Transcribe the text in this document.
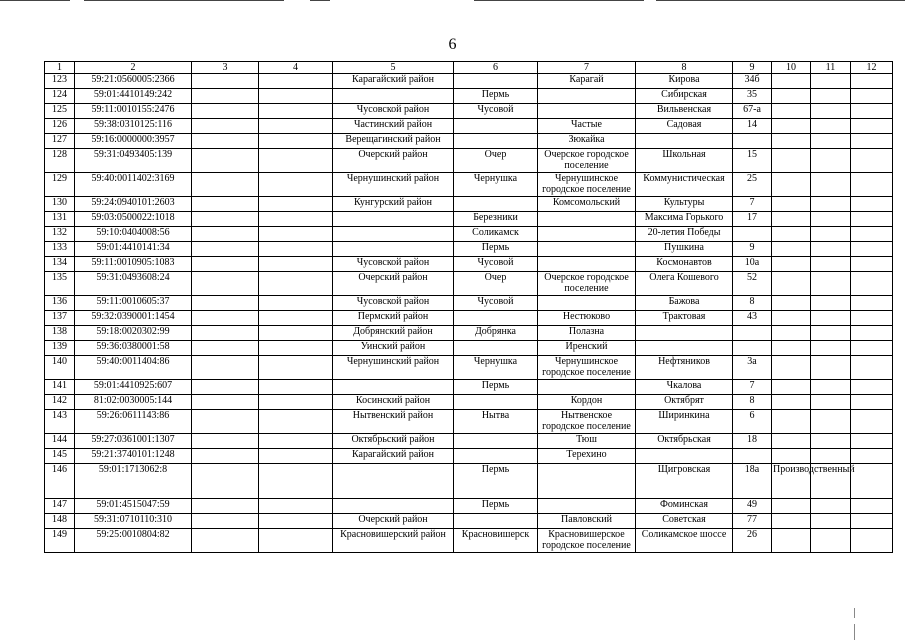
6
1	2	3	4	5	6	7	8	9	10	11	12
123	59:21:0560005:2366			Карагайский район		Карагай	Кирова	34б			
124	59:01:4410149:242				Пермь		Сибирская	35			
125	59:11:0010155:2476			Чусовской район	Чусовой		Вильвенская	67-а			
126	59:38:0310125:116			Частинский район		Частые	Садовая	14			
127	59:16:0000000:3957			Верещагинский район		Зюкайка					
128	59:31:0493405:139			Очерский район	Очер	Очерское городское поселение	Школьная	15			
129	59:40:0011402:3169			Чернушинский район	Чернушка	Чернушинское городское поселение	Коммунистическая	25			
130	59:24:0940101:2603			Кунгурский район		Комсомольский	Культуры	7			
131	59:03:0500022:1018				Березники		Максима Горького	17			
132	59:10:0404008:56				Соликамск		20-летия Победы				
133	59:01:4410141:34				Пермь		Пушкина	9			
134	59:11:0010905:1083			Чусовской район	Чусовой		Космонавтов	10а			
135	59:31:0493608:24			Очерский район	Очер	Очерское городское поселение	Олега Кошевого	52			
136	59:11:0010605:37			Чусовской район	Чусовой		Бажова	8			
137	59:32:0390001:1454			Пермский район		Нестюково	Трактовая	43			
138	59:18:0020302:99			Добрянский район	Добрянка	Полазна					
139	59:36:0380001:58			Уинский район		Иренский					
140	59:40:0011404:86			Чернушинский район	Чернушка	Чернушинское городское поселение	Нефтяников	3а			
141	59:01:4410925:607				Пермь		Чкалова	7			
142	81:02:0030005:144			Косинский район		Кордон	Октябрят	8			
143	59:26:0611143:86			Нытвенский район	Нытва	Нытвенское городское поселение	Ширинкина	6			
144	59:27:0361001:1307			Октябрьский район		Тюш	Октябрьская	18			
145	59:21:3740101:1248			Карагайский район		Терехино					
146	59:01:1713062:8				Пермь		Щигровская	18а	Производственный		
147	59:01:4515047:59				Пермь		Фоминская	49			
148	59:31:0710110:310			Очерский район		Павловский	Советская	77			
149	59:25:0010804:82			Красновишерский район	Красновишерск	Красновишерское городское поселение	Соликамское шоссе	26			
